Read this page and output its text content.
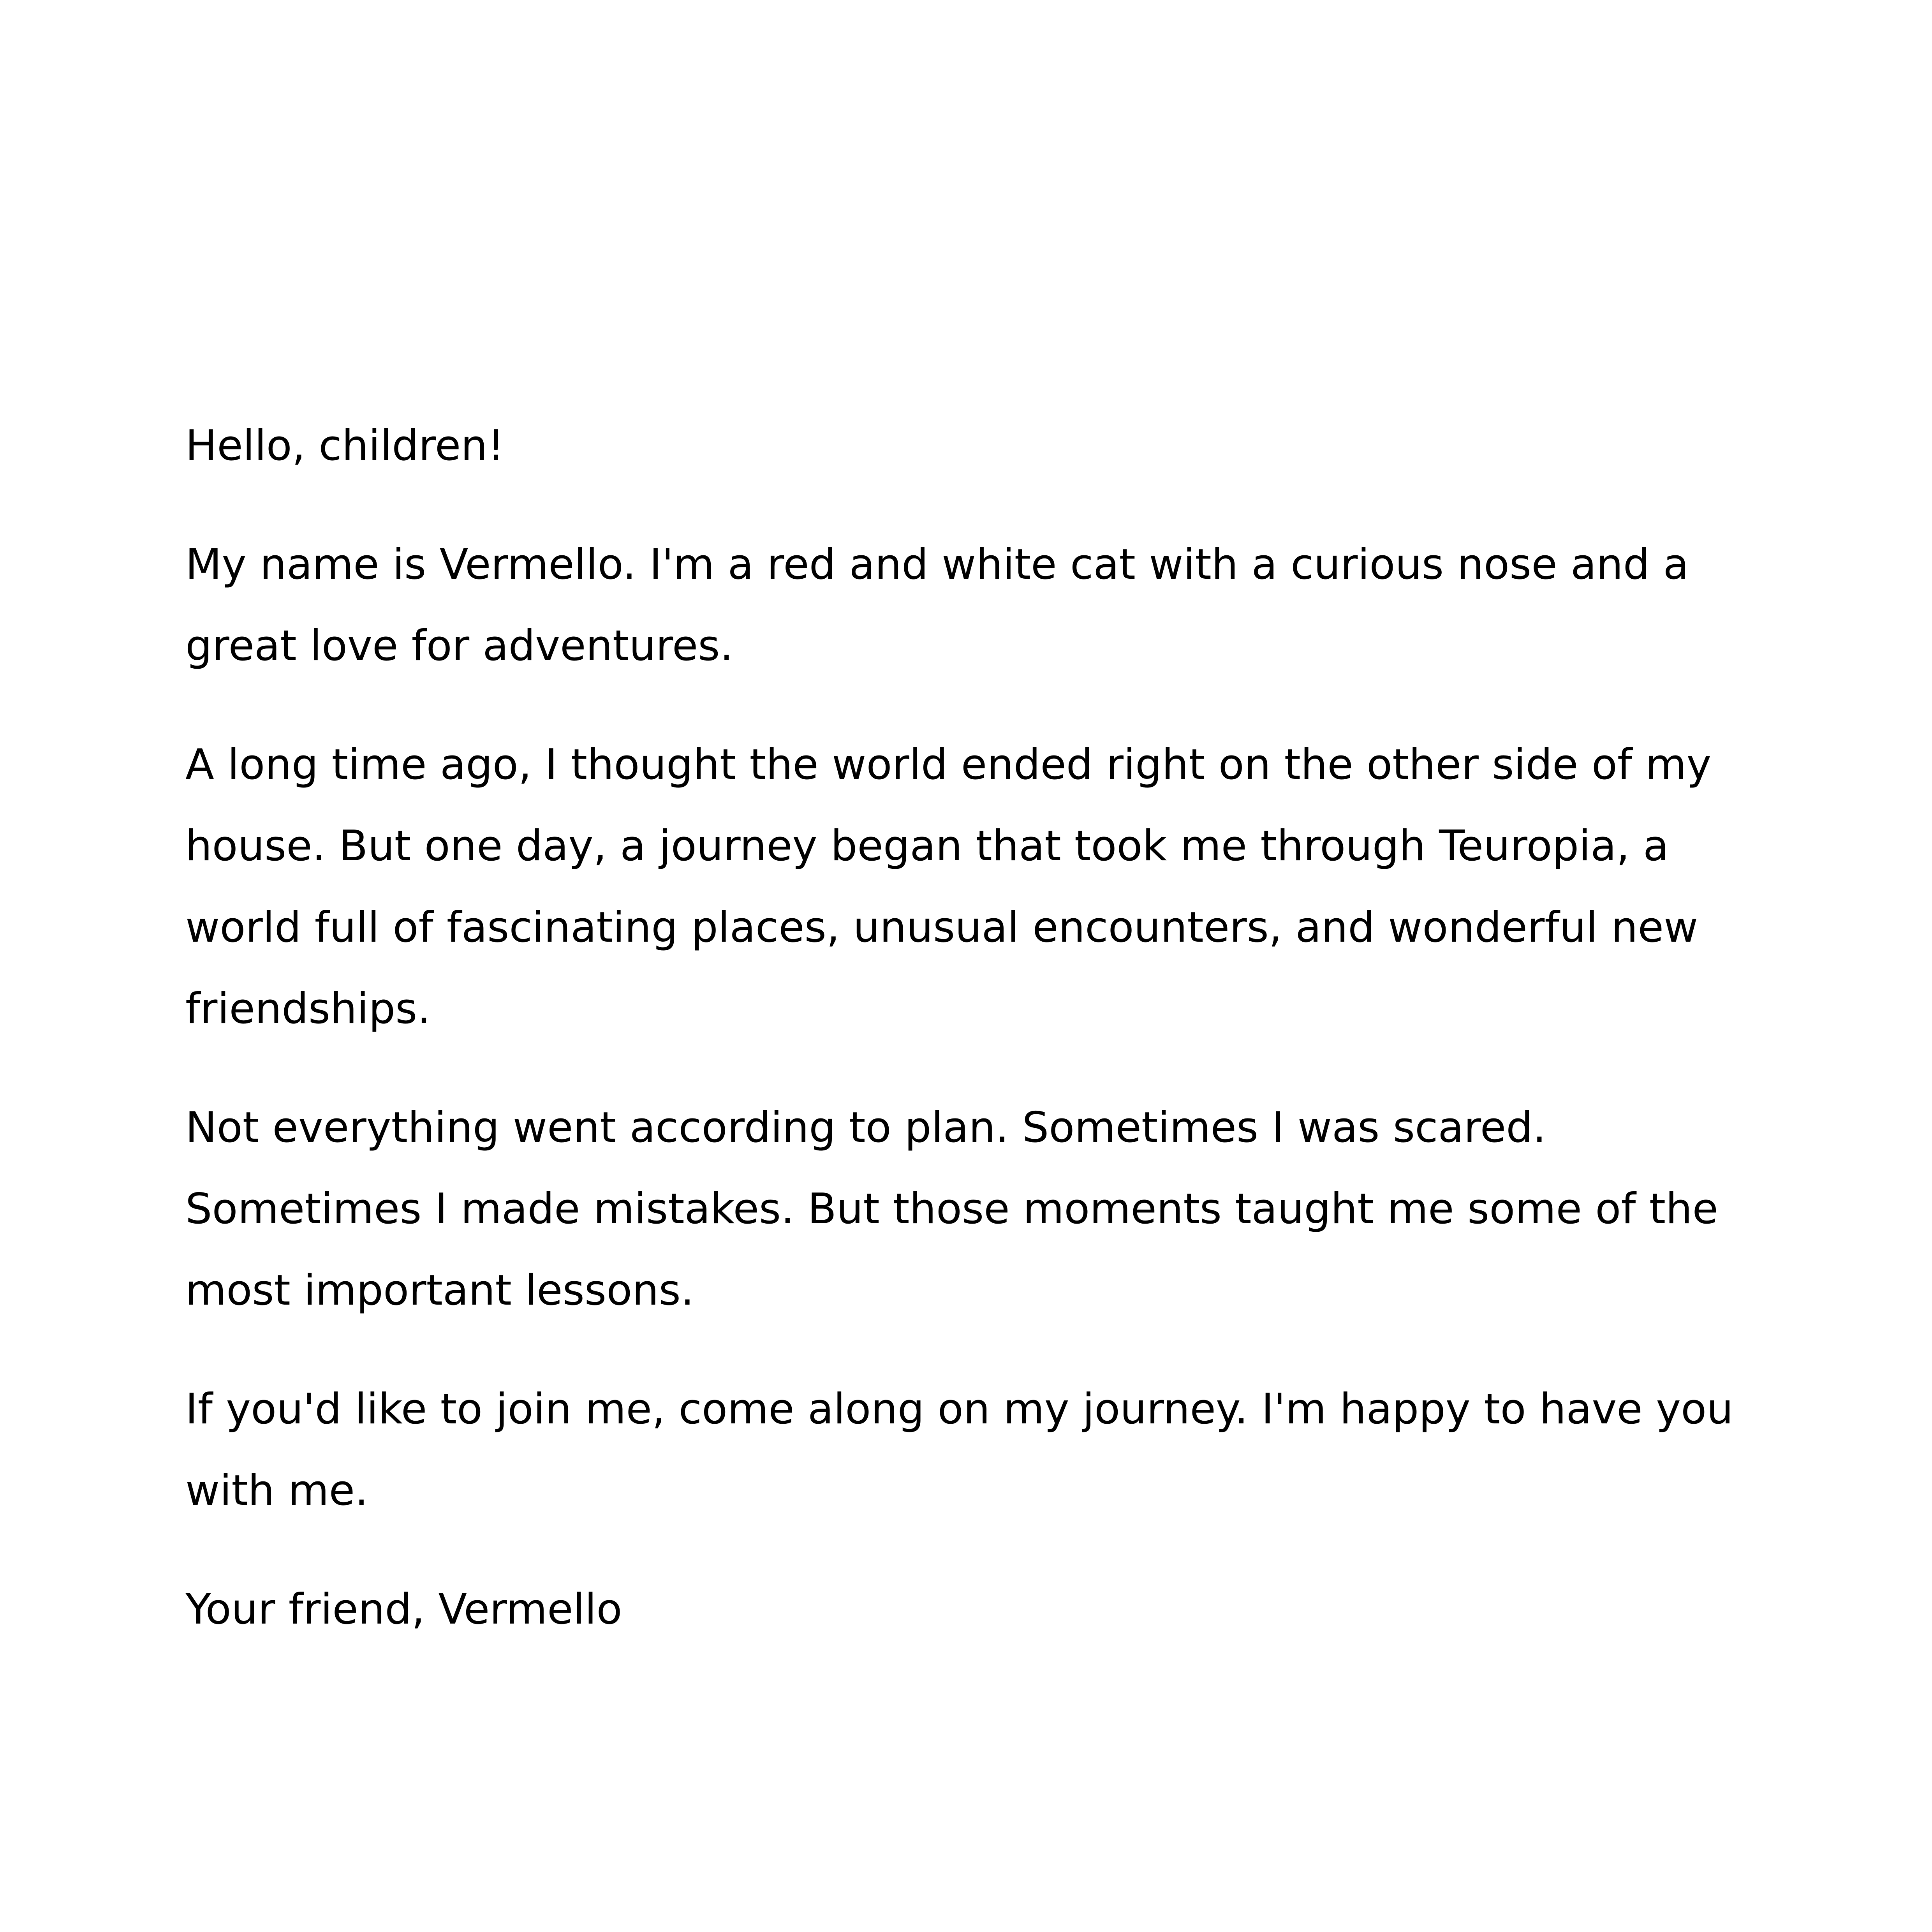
Hello, children!

My name is Vermello. I'm a red and white cat with a curious nose and a great love for adventures.

A long time ago, I thought the world ended right on the other side of my house. But one day, a journey began that took me through Teuropia, a world full of fascinating places, unusual encounters, and wonderful new friendships.

Not everything went according to plan. Sometimes I was scared. Sometimes I made mistakes. But those moments taught me some of the most important lessons.

If you'd like to join me, come along on my journey. I'm happy to have you with me.

Your friend, Vermello
